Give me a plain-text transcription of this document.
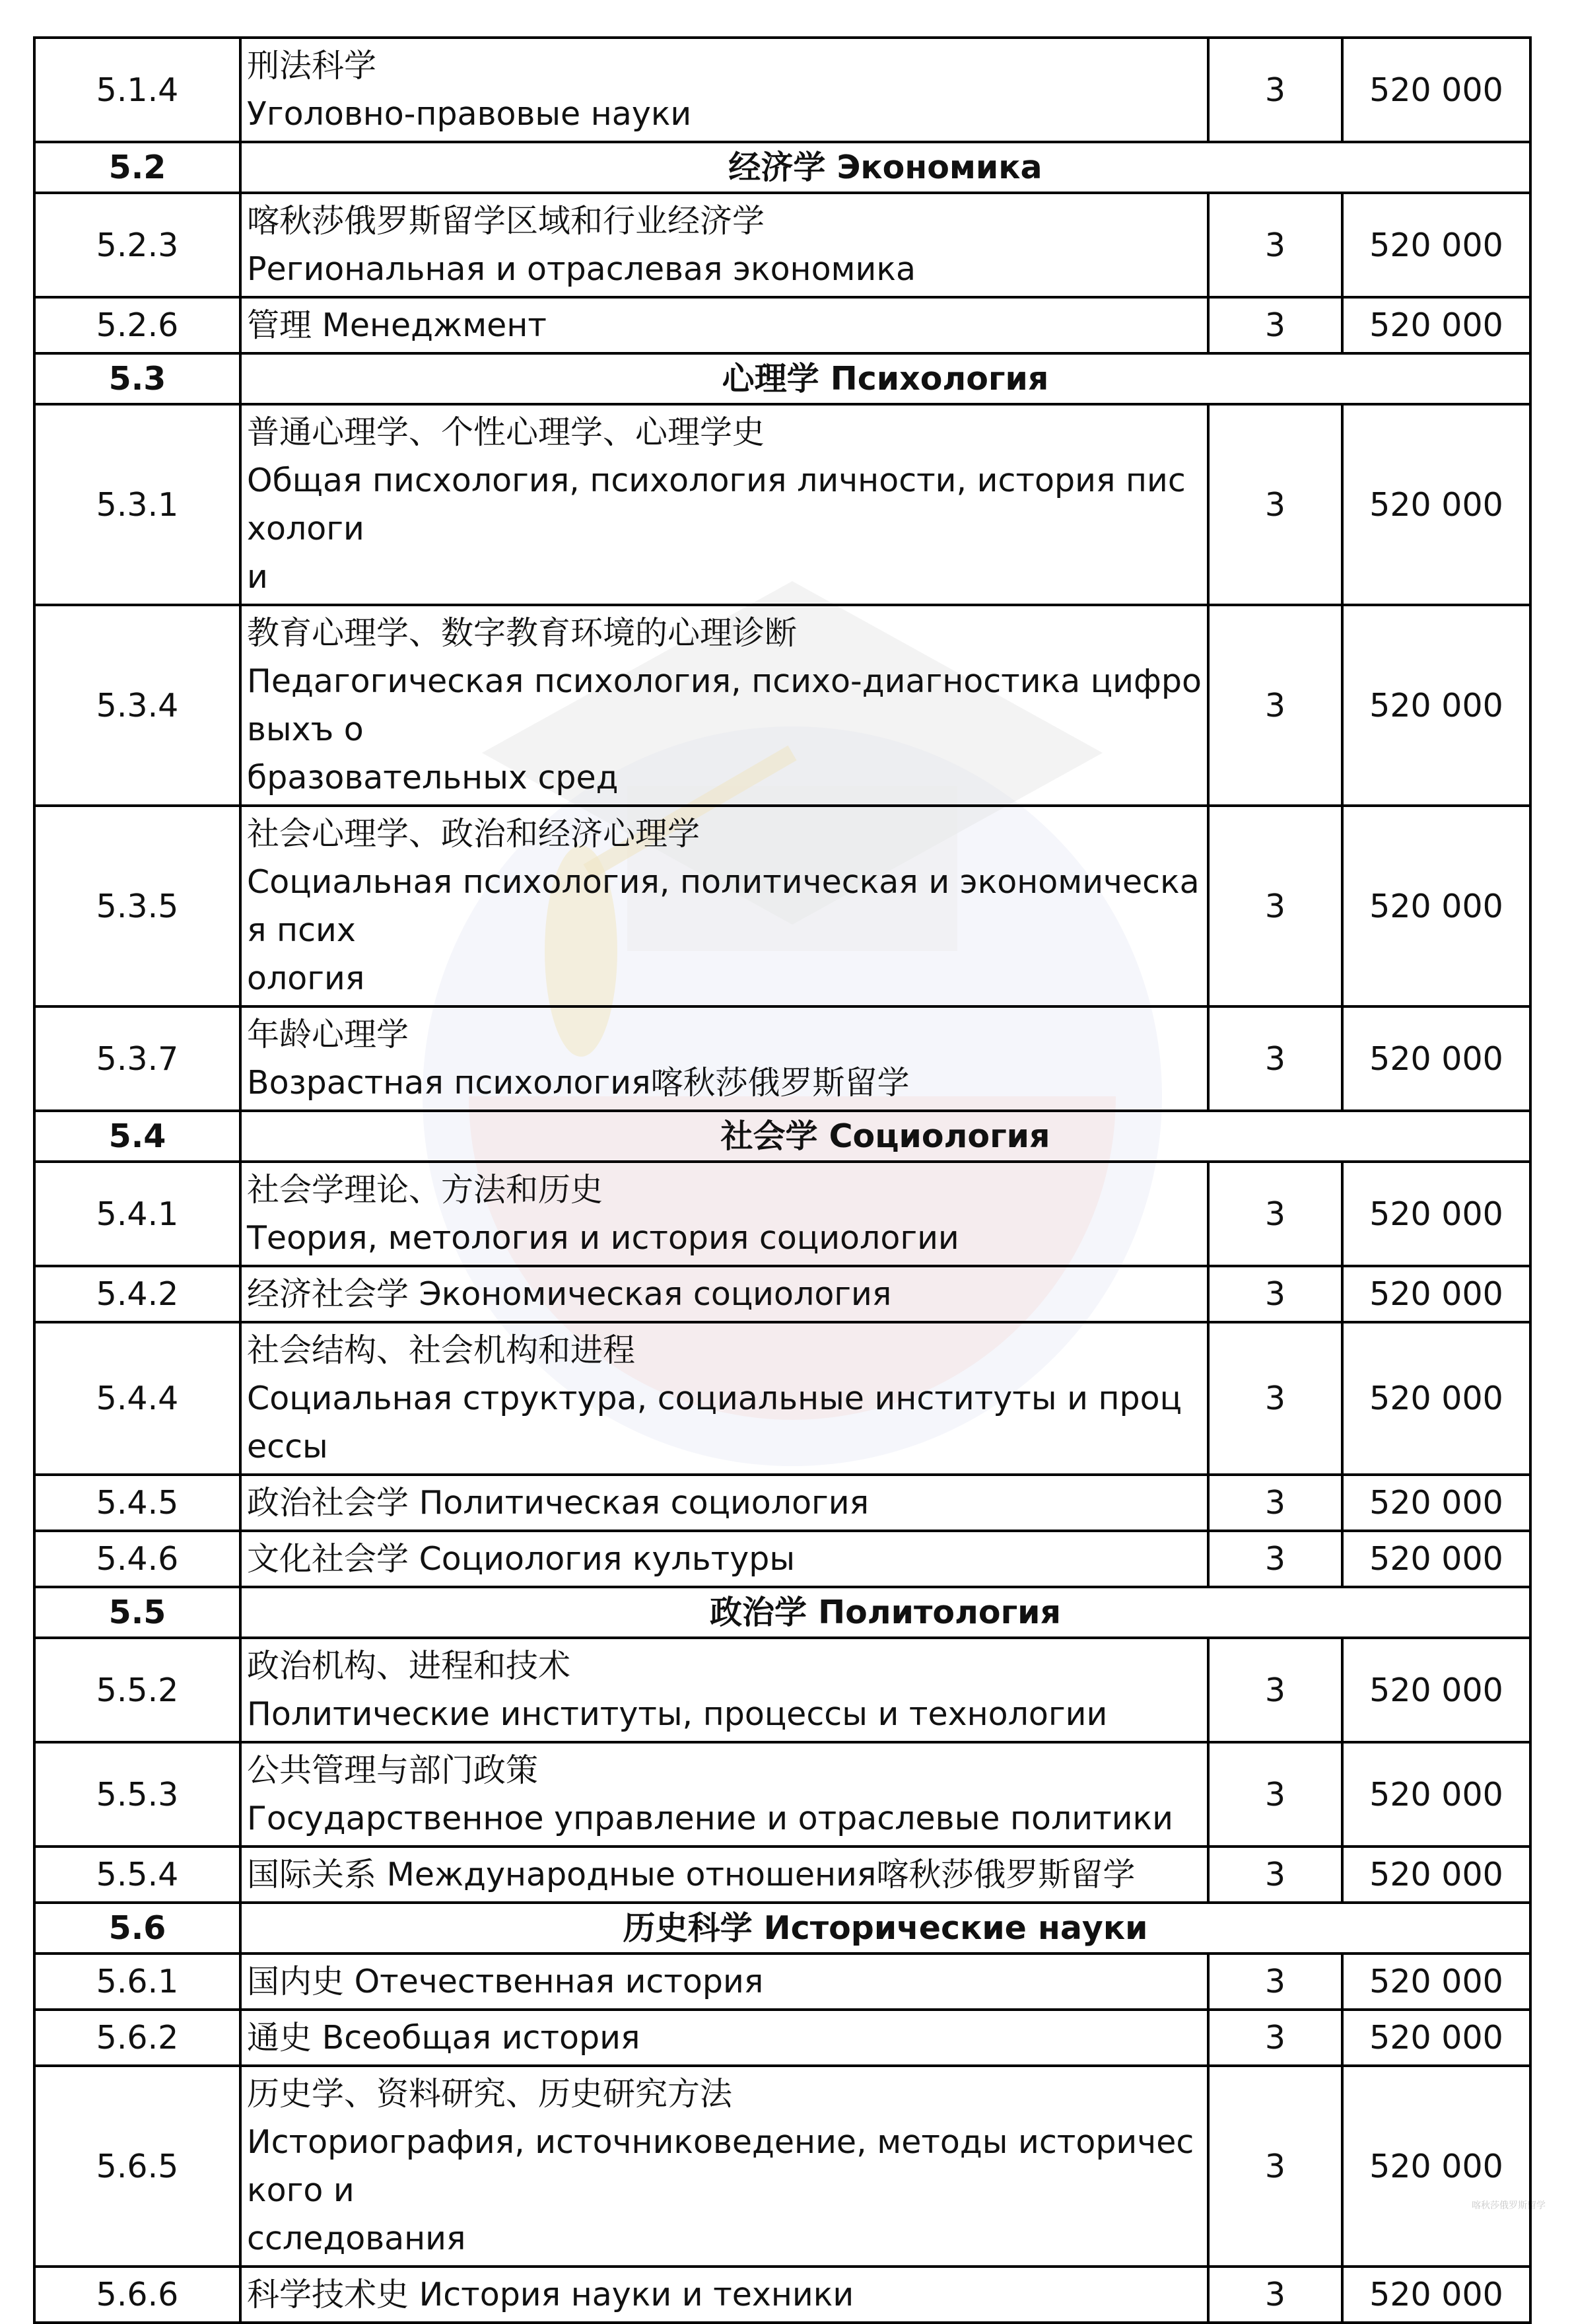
5.1.4	刑法科学
Уголовно-правовые науки	3	520 000
5.2	经济学 Экономика		
5.2.3	喀秋莎俄罗斯留学区域和行业经济学
Региональная и отраслевая экономика	3	520 000
5.2.6	管理 Менеджмент	3	520 000
5.3	心理学 Психология		
5.3.1	普通心理学、个性心理学、心理学史
Общая писхология, психология личности, история писхологи
и	3	520 000
5.3.4	教育心理学、数字教育环境的心理诊断
Педагогическая психология, психо-диагностика цифровыхъ о
бразовательных сред	3	520 000
5.3.5	社会心理学、政治和经济心理学
Социальная психология, политическая и экономическая псих
ология	3	520 000
5.3.7	年龄心理学
Возрастная психология喀秋莎俄罗斯留学	3	520 000
5.4	社会学 Социология		
5.4.1	社会学理论、方法和历史
Теория, метология и история социологии	3	520 000
5.4.2	经济社会学 Экономическая социология	3	520 000
5.4.4	社会结构、社会机构和进程
Социальная структура, социальные институты и процессы	3	520 000
5.4.5	政治社会学 Политическая социология	3	520 000
5.4.6	文化社会学 Социология культуры	3	520 000
5.5	政治学 Политология		
5.5.2	政治机构、进程和技术
Политические институты, процессы и технологии	3	520 000
5.5.3	公共管理与部门政策
Государственное управление и отраслевые политики	3	520 000
5.5.4	国际关系 Международные отношения喀秋莎俄罗斯留学	3	520 000
5.6	历史科学 Исторические науки		
5.6.1	国内史 Отечественная история	3	520 000
5.6.2	通史 Всеобщая история	3	520 000
5.6.5	历史学、资料研究、历史研究方法
Историография, источниковедение, методы исторического и
сследования	3	520 000
5.6.6	科学技术史 История науки и техники	3	520 000
喀秋莎俄罗斯留学
